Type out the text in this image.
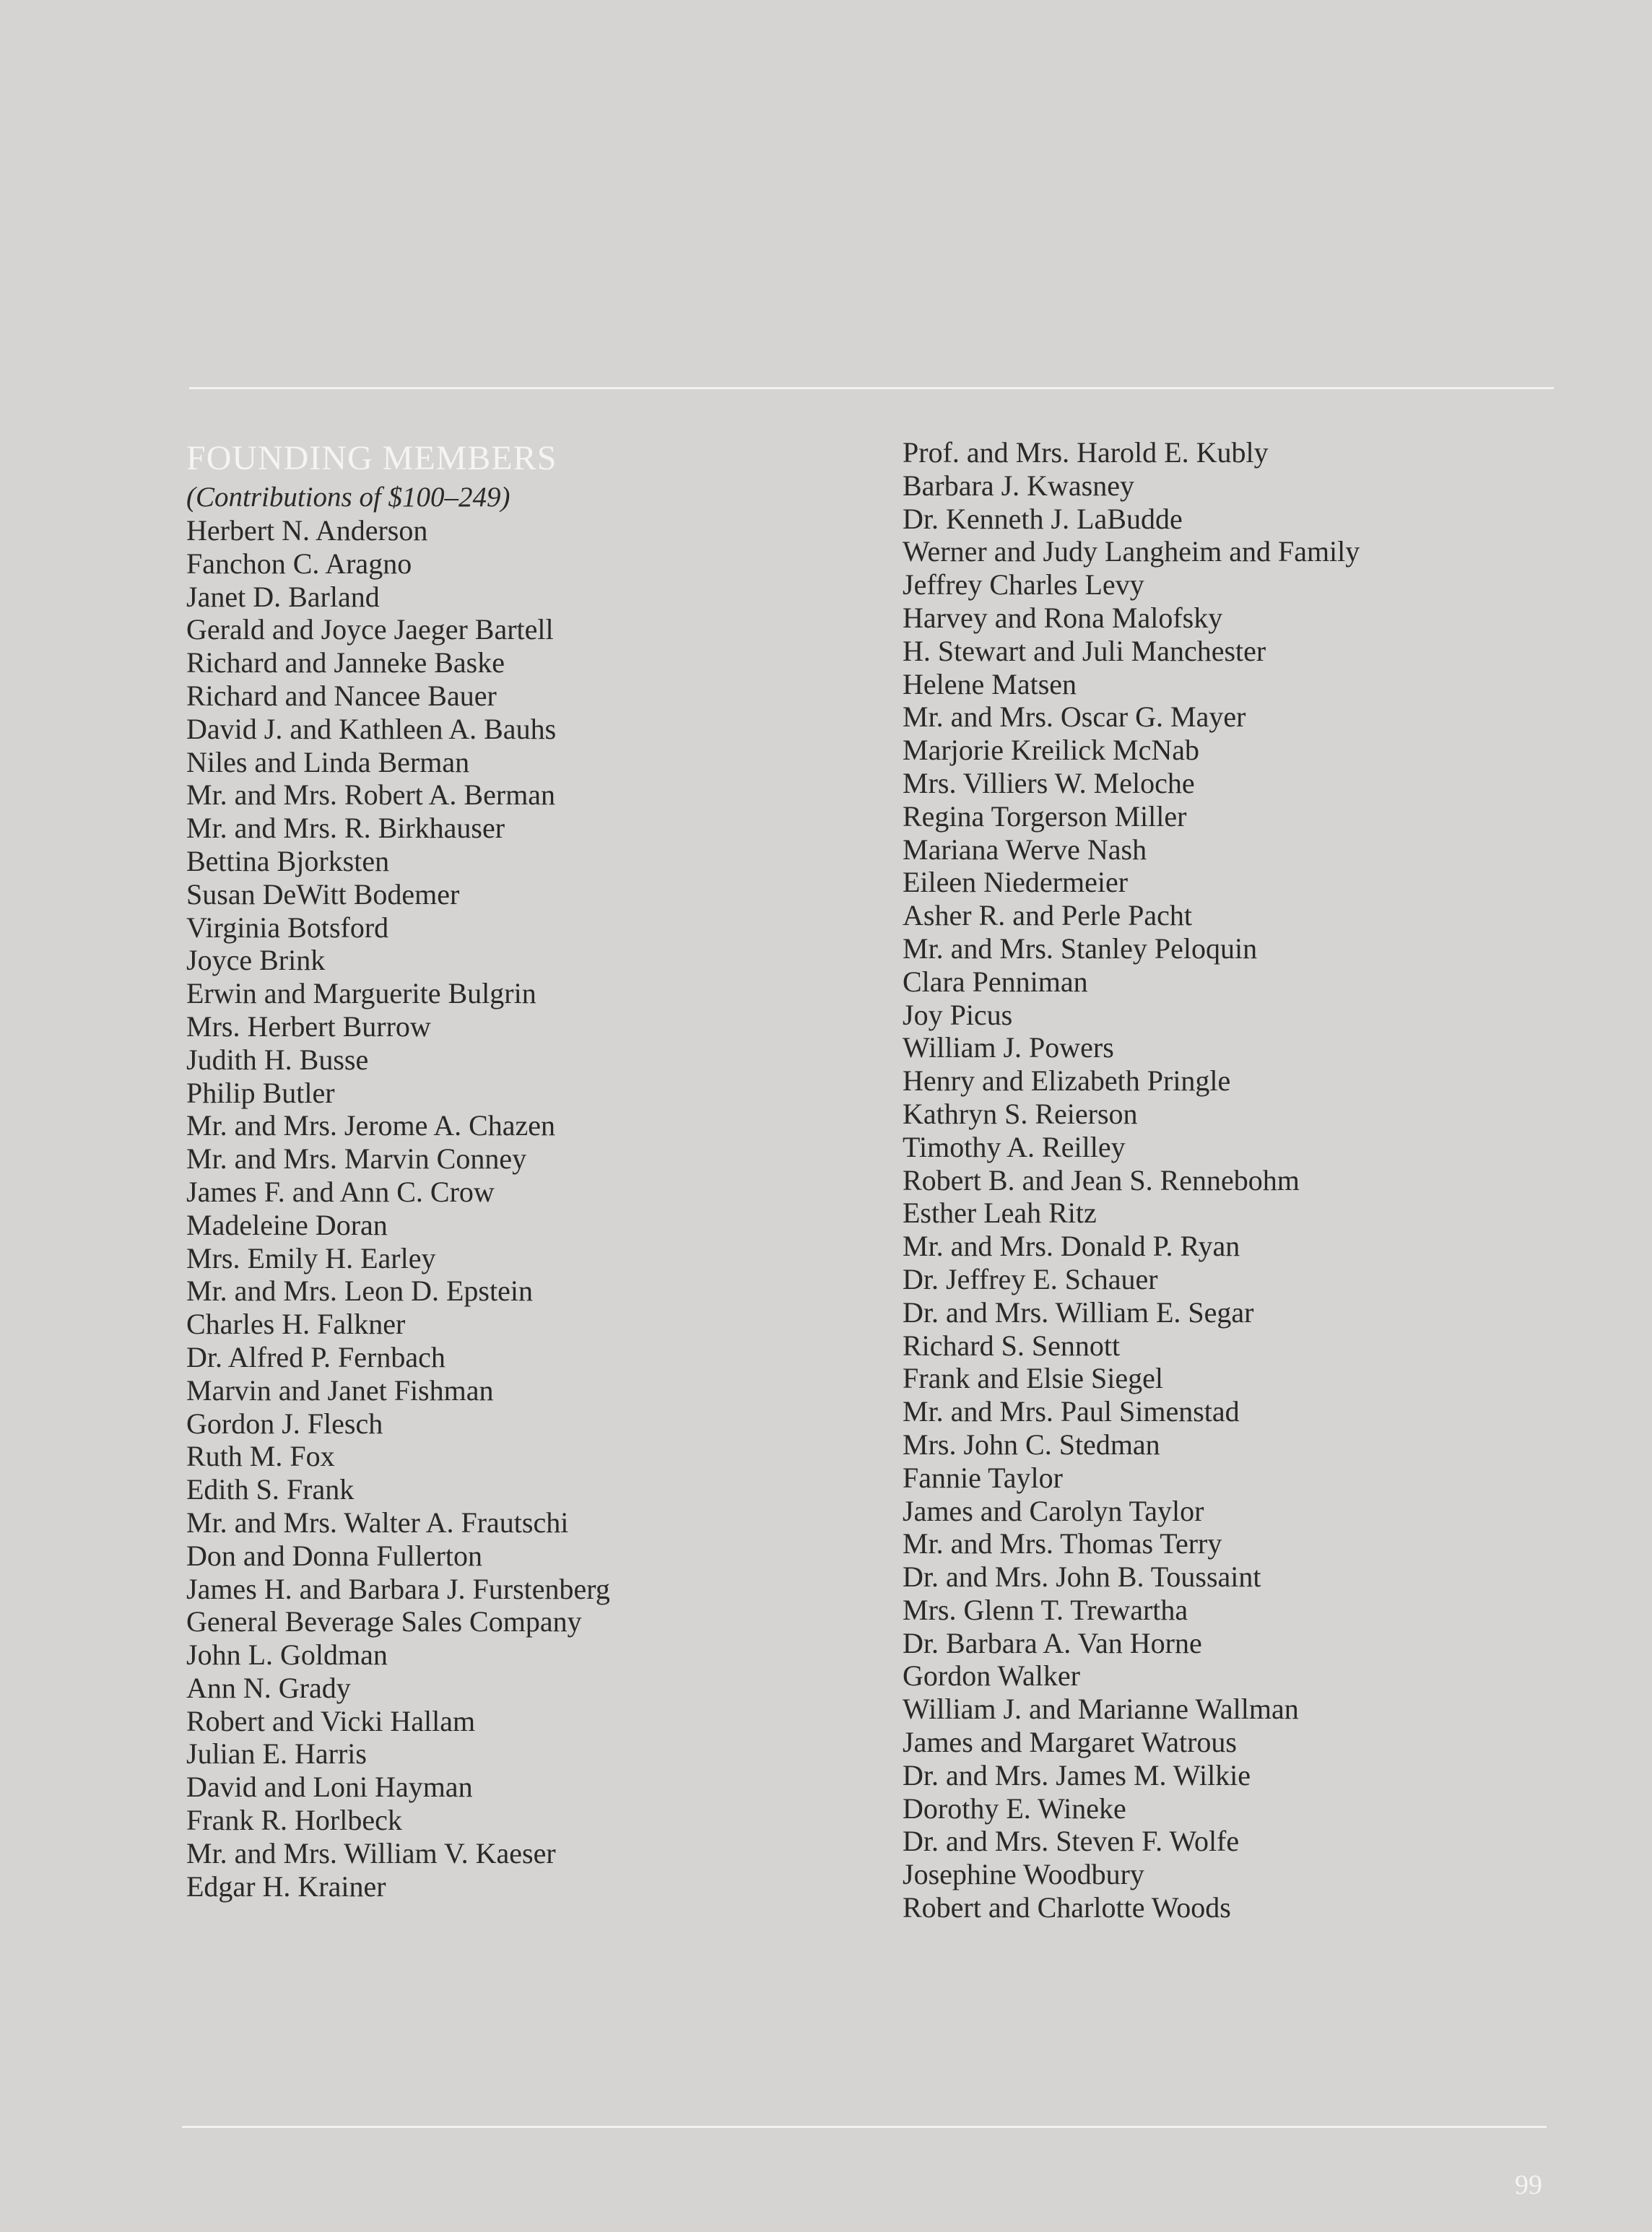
FOUNDING MEMBERS

(Contributions of $100–249)

Herbert N. Anderson
Fanchon C. Aragno
Janet D. Barland
Gerald and Joyce Jaeger Bartell
Richard and Janneke Baske
Richard and Nancee Bauer
David J. and Kathleen A. Bauhs
Niles and Linda Berman
Mr. and Mrs. Robert A. Berman
Mr. and Mrs. R. Birkhauser
Bettina Bjorksten
Susan DeWitt Bodemer
Virginia Botsford
Joyce Brink
Erwin and Marguerite Bulgrin
Mrs. Herbert Burrow
Judith H. Busse
Philip Butler
Mr. and Mrs. Jerome A. Chazen
Mr. and Mrs. Marvin Conney
James F. and Ann C. Crow
Madeleine Doran
Mrs. Emily H. Earley
Mr. and Mrs. Leon D. Epstein
Charles H. Falkner
Dr. Alfred P. Fernbach
Marvin and Janet Fishman
Gordon J. Flesch
Ruth M. Fox
Edith S. Frank
Mr. and Mrs. Walter A. Frautschi
Don and Donna Fullerton
James H. and Barbara J. Furstenberg
General Beverage Sales Company
John L. Goldman
Ann N. Grady
Robert and Vicki Hallam
Julian E. Harris
David and Loni Hayman
Frank R. Horlbeck
Mr. and Mrs. William V. Kaeser
Edgar H. Krainer
Prof. and Mrs. Harold E. Kubly
Barbara J. Kwasney
Dr. Kenneth J. LaBudde
Werner and Judy Langheim and Family
Jeffrey Charles Levy
Harvey and Rona Malofsky
H. Stewart and Juli Manchester
Helene Matsen
Mr. and Mrs. Oscar G. Mayer
Marjorie Kreilick McNab
Mrs. Villiers W. Meloche
Regina Torgerson Miller
Mariana Werve Nash
Eileen Niedermeier
Asher R. and Perle Pacht
Mr. and Mrs. Stanley Peloquin
Clara Penniman
Joy Picus
William J. Powers
Henry and Elizabeth Pringle
Kathryn S. Reierson
Timothy A. Reilley
Robert B. and Jean S. Rennebohm
Esther Leah Ritz
Mr. and Mrs. Donald P. Ryan
Dr. Jeffrey E. Schauer
Dr. and Mrs. William E. Segar
Richard S. Sennott
Frank and Elsie Siegel
Mr. and Mrs. Paul Simenstad
Mrs. John C. Stedman
Fannie Taylor
James and Carolyn Taylor
Mr. and Mrs. Thomas Terry
Dr. and Mrs. John B. Toussaint
Mrs. Glenn T. Trewartha
Dr. Barbara A. Van Horne
Gordon Walker
William J. and Marianne Wallman
James and Margaret Watrous
Dr. and Mrs. James M. Wilkie
Dorothy E. Wineke
Dr. and Mrs. Steven F. Wolfe
Josephine Woodbury
Robert and Charlotte Woods
99
